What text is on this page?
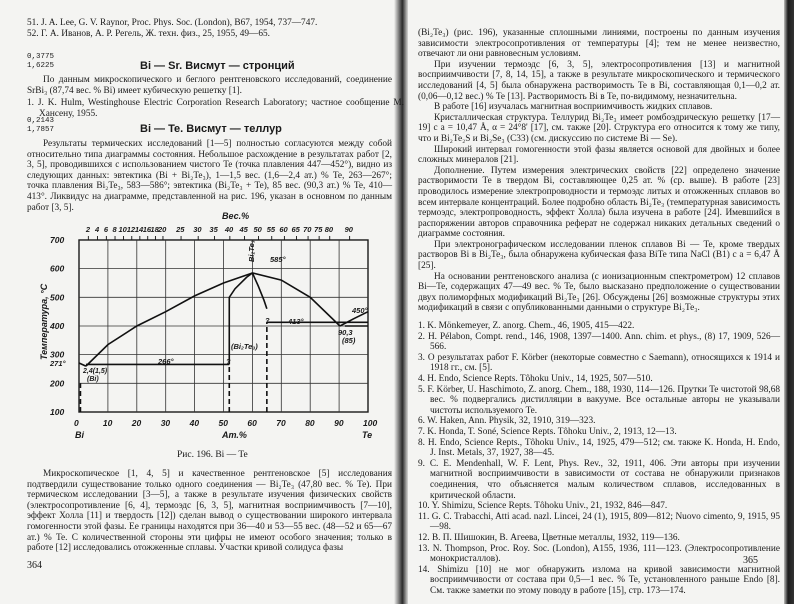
51. J. A. Lee, G. V. Raynor, Proc. Phys. Soc. (London), B67, 1954, 737—747.
52. Г. А. Иванов, А. Р. Регель, Ж. техн. физ., 25, 1955, 49—65.
0,3775
1,6225	Bi — Sr. Висмут — стронций
По данным микроскопического и беглого рентгеновского исследований, соединение SrBi₃ (87,74 вес. % Bi) имеет кубическую решетку [1].
1. J. K. Hulm, Westinghouse Electric Corporation Research Laboratory; частное сообщение М. Хансену, 1955.
0,2143
1,7857	Bi — Te. Висмут — теллур
Результаты термических исследований [1—5] полностью согласуются между собой относительно типа диаграммы состояния. Небольшое расхождение в результатах работ [2, 3, 5], проводившихся с использованием чистого Te (точка плавления 447—452°), видно из следующих данных: эвтектика (Bi + Bi₂Te₃), 1—1,5 вес. (1,6—2,4 ат.) % Te, 263—267°; точка плавления Bi₂Te₃, 583—586°; эвтектика (Bi₂Te₃ + Te), 85 вес. (90,3 ат.) % Te, 410—413°. Ликвидус на диаграмме, представленной на рис. 196, указан в основном по данным работ [3, 5].
0	10 20 30 40 50 60 70 80 90 100
100
200
300
400
500
600
700
2 4 6 8 10 12 14 16 18 20 25 30 35 40 45 50 55 60 65 70 75 80 90
Вес.%
Ат.%
Температура, °С
Bi	Te
585°
Bi₂Te₃
413°
450°
90,3
(85)
266°	?
?
(Bi₂Te₃)
2,4(1,5)
(Bi)
271°
Рис. 196. Bi — Te
Микроскопическое [1, 4, 5] и качественное рентгеновское [5] исследования подтвердили существование только одного соединения — Bi₂Te₃ (47,80 вес. % Te). При термическом исследовании [3—5], а также в результате изучения физических свойств (электросопротивление [6, 4], термоэдс [6, 3, 5], магнитная восприимчивость [7—10], эффект Холла [11] и твердость [12]) сделан вывод о существовании широкого интервала гомогенности этой фазы. Ее границы находятся при 36—40 и 53—55 вес. (48—52 и 65—67 ат.) % Te. С количественной стороны эти цифры не имеют особого значения; только в работе [12] исследовались отожженные сплавы. Участки кривой солидуса фазы
364
(Bi₂Te₃) (рис. 196), указанные сплошными линиями, построены по данным изучения зависимости электросопротивления от температуры [4]; тем не менее неизвестно, отвечают ли они равновесным условиям.
При изучении термоэдс [6, 3, 5], электросопротивления [13] и магнитной восприимчивости [7, 8, 14, 15], а также в результате микроскопического и термического исследований [4, 5] была обнаружена растворимость Te в Bi, составляющая 0,1—0,2 ат. (0,06—0,12 вес.) % Te [13]. Растворимость Bi в Te, по-видимому, незначительна.
В работе [16] изучалась магнитная восприимчивость жидких сплавов.
Кристаллическая структура. Теллурид Bi₂Te₃ имеет ромбоэдрическую решетку [17—19] с a = 10,47 Å, α = 24°8' [17], см. также [20]. Структура его относится к тому же типу, что и Bi₂Te₂S и Bi₂Se₃ (C33) (см. дискуссию по системе Bi — Se).
Широкий интервал гомогенности этой фазы является основой для двойных и более сложных минералов [21].
Дополнение. Путем измерения электрических свойств [22] определено значение растворимости Te в твердом Bi, составляющее 0,25 ат. % (ср. выше). В работе [23] проводилось измерение электропроводности и термоэдс литых и отожженных сплавов во всем интервале концентраций. Более подробно область Bi₂Te₃ (температурная зависимость термоэдс, электропроводность, эффект Холла) была изучена в работе [24]. Имевшийся в распоряжении авторов справочника реферат не содержал никаких детальных сведений о диаграмме состояния.
При электронографическом исследовании пленок сплавов Bi — Te, кроме твердых растворов Bi в Bi₂Te₃, была обнаружена кубическая фаза BiTe типа NaCl (B1) с a = 6,47 Å [25].
На основании рентгеновского анализа (с ионизационным спектрометром) 12 сплавов Bi—Te, содержащих 47—49 вес. % Te, было высказано предположение о существовании двух полиморфных модификаций Bi₂Te₃ [26]. Обсуждены [26] возможные структуры этих модификаций в связи с опубликованными данными о структуре Bi₂Te₃.
1. K. Mönkemeyer, Z. anorg. Chem., 46, 1905, 415—422.
2. H. Pélabon, Compt. rend., 146, 1908, 1397—1400. Ann. chim. et phys., (8) 17, 1909, 526—566.
3. О результатах работ F. Körber (некоторые совместно с Saemann), относящихся к 1914 и 1918 гг., см. [5].
4. H. Endo, Science Repts. Tôhoku Univ., 14, 1925, 507—510.
5. F. Körber, U. Haschimoto, Z. anorg. Chem., 188, 1930, 114—126. Прутки Te чистотой 98,68 вес. % подвергались дистилляции в вакууме. Все остальные авторы не указывали чистоты используемого Te.
6. W. Haken, Ann. Physik, 32, 1910, 319—323.
7. K. Honda, T. Soné, Science Repts. Tôhoku Univ., 2, 1913, 12—13.
8. H. Endo, Science Repts., Tôhoku Univ., 14, 1925, 479—512; см. также K. Honda, H. Endo, J. Inst. Metals, 37, 1927, 38—45.
9. C. E. Mendenhall, W. F. Lent, Phys. Rev., 32, 1911, 406. Эти авторы при изучении магнитной восприимчивости в зависимости от состава не обнаружили признаков соединения, что объясняется малым количеством сплавов, исследованных в критической области.
10. Y. Shimizu, Science Repts. Tôhoku Univ., 21, 1932, 846—847.
11. G. C. Trabacchi, Atti acad. nazl. Lincei, 24 (1), 1915, 809—812; Nuovo cimento, 9, 1915, 95—98.
12. В. П. Шишокин, В. Агеева, Цветные металлы, 1932, 119—136.
13. N. Thompson, Proc. Roy. Soc. (London), A155, 1936, 111—123. (Электросопротивление монокристаллов).
14. Shimizu [10] не мог обнаружить излома на кривой зависимости магнитной восприимчивости от состава при 0,5—1 вес. % Te, установленного раньше Endo [8]. См. также заметки по этому поводу в работе [15], стр. 173—174.
365
